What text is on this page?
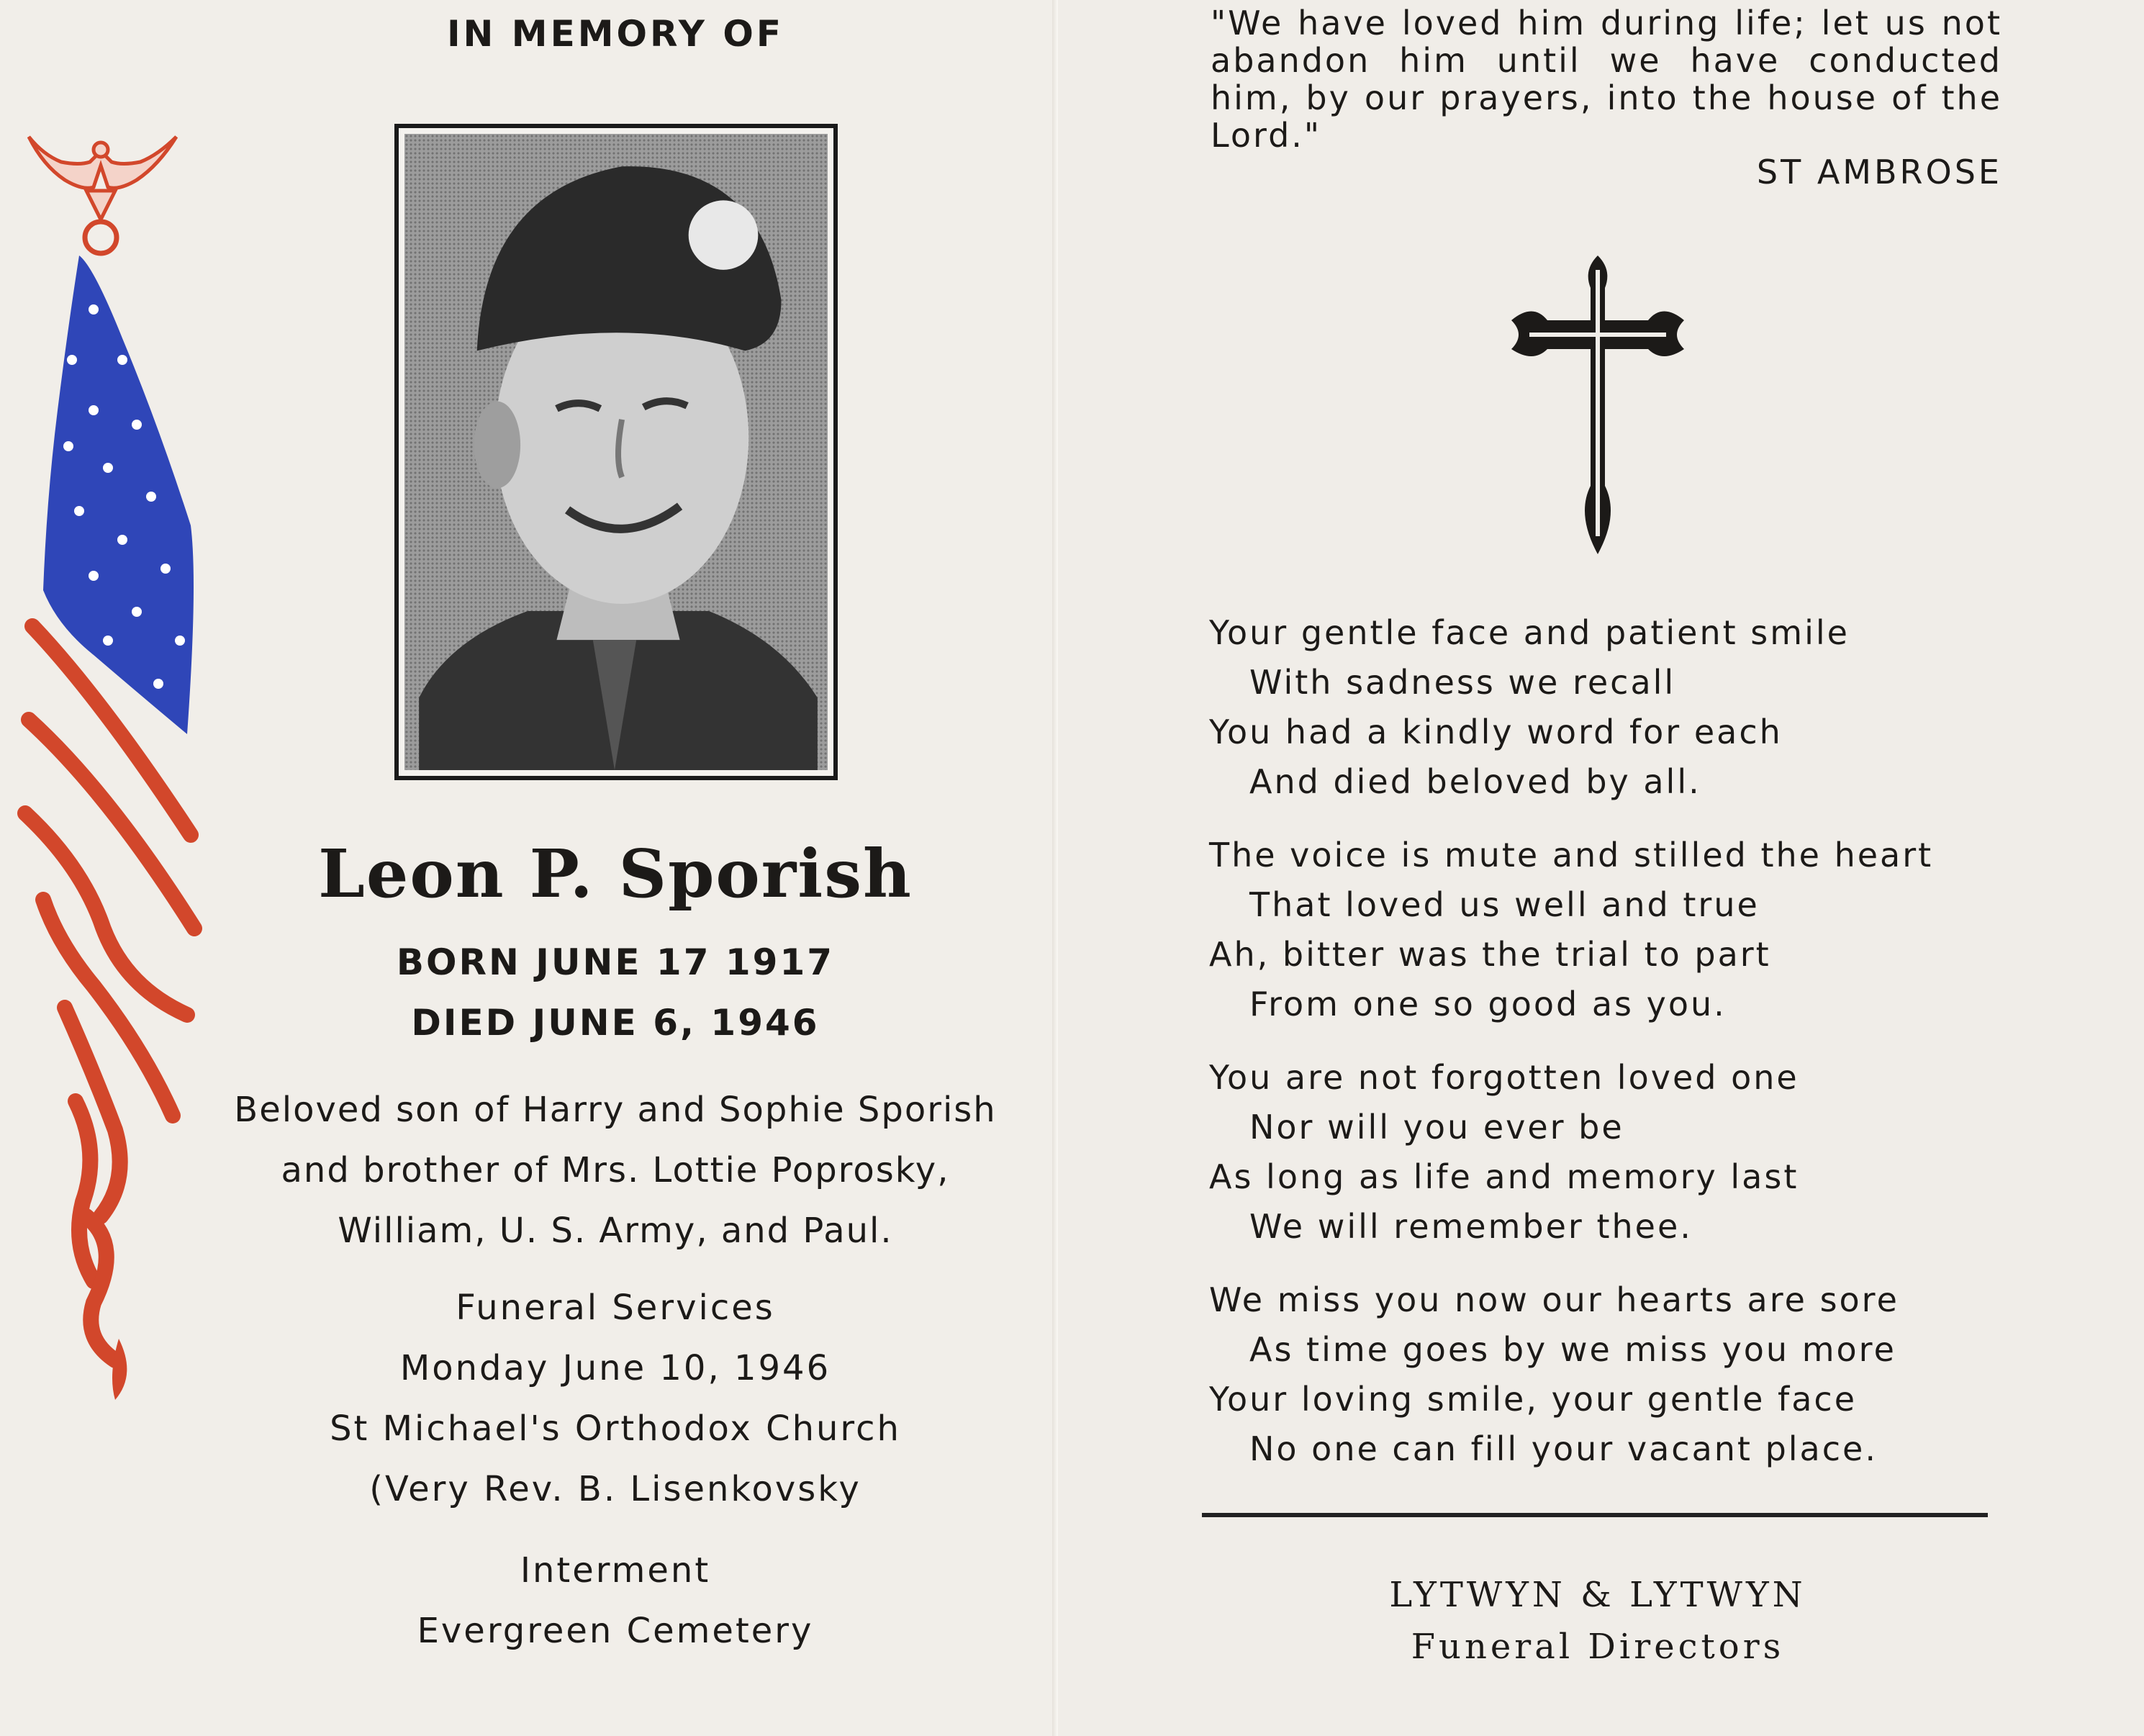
IN MEMORY OF
Leon P. Sporish
BORN JUNE 17 1917
DIED JUNE 6, 1946
Beloved son of Harry and Sophie Sporish
and brother of Mrs. Lottie Poprosky,
William, U. S. Army, and Paul.
Funeral Services
Monday June 10, 1946
St Michael's Orthodox Church
(Very Rev. B. Lisenkovsky
Interment
Evergreen Cemetery
"We have loved him during life; let us not abandon him until we have conducted him, by our prayers, into the house of the Lord."
ST AMBROSE
Your gentle face and patient smile
With sadness we recall
You had a kindly word for each
And died beloved by all.
The voice is mute and stilled the heart
That loved us well and true
Ah, bitter was the trial to part
From one so good as you.
You are not forgotten loved one
Nor will you ever be
As long as life and memory last
We will remember thee.
We miss you now our hearts are sore
As time goes by we miss you more
Your loving smile, your gentle face
No one can fill your vacant place.
LYTWYN & LYTWYN
Funeral Directors
